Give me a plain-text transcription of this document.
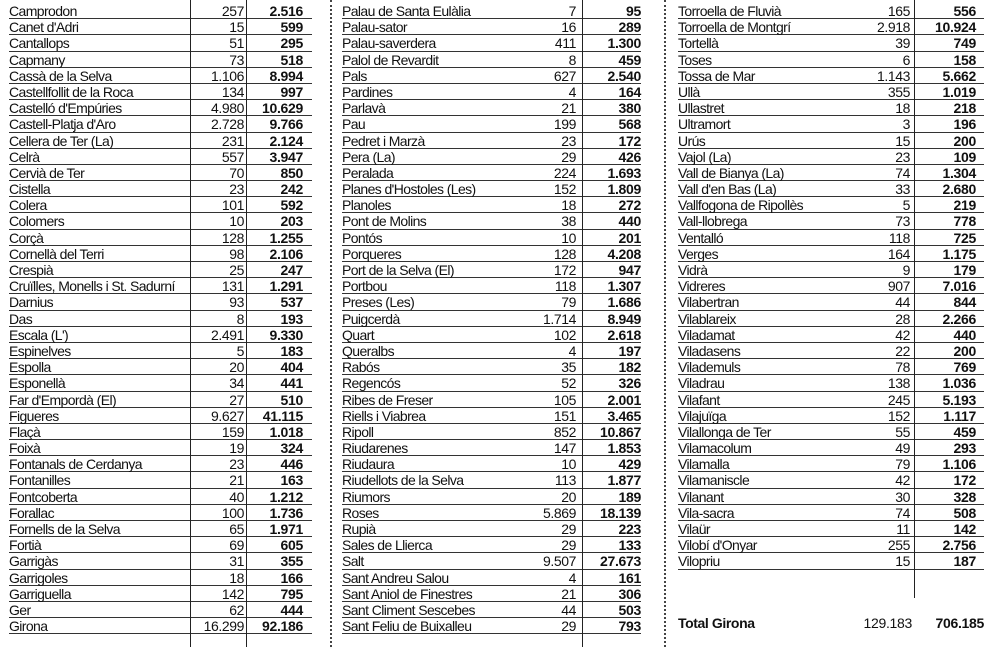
Camprodon	257	2.516
Canet d'Adri	15	599
Cantallops	51	295
Capmany	73	518
Cassà de la Selva	1.106	8.994
Castellfollit de la Roca	134	997
Castelló d'Empúries	4.980	10.629
Castell-Platja d'Aro	2.728	9.766
Cellera de Ter (La)	231	2.124
Celrà	557	3.947
Cervià de Ter	70	850
Cistella	23	242
Colera	101	592
Colomers	10	203
Corçà	128	1.255
Cornellà del Terri	98	2.106
Crespià	25	247
Cruïlles, Monells i St. Sadurní	131	1.291
Darnius	93	537
Das	8	193
Escala (L')	2.491	9.330
Espinelves	5	183
Espolla	20	404
Esponellà	34	441
Far d'Empordà (El)	27	510
Figueres	9.627	41.115
Flaçà	159	1.018
Foixà	19	324
Fontanals de Cerdanya	23	446
Fontanilles	21	163
Fontcoberta	40	1.212
Forallac	100	1.736
Fornells de la Selva	65	1.971
Fortià	69	605
Garrigàs	31	355
Garrigoles	18	166
Garriguella	142	795
Ger	62	444
Girona	16.299	92.186
Palau de Santa Eulàlia	7	95
Palau-sator	16	289
Palau-saverdera	411	1.300
Palol de Revardit	8	459
Pals	627	2.540
Pardines	4	164
Parlavà	21	380
Pau	199	568
Pedret i Marzà	23	172
Pera (La)	29	426
Peralada	224	1.693
Planes d'Hostoles (Les)	152	1.809
Planoles	18	272
Pont de Molins	38	440
Pontós	10	201
Porqueres	128	4.208
Port de la Selva (El)	172	947
Portbou	118	1.307
Preses (Les)	79	1.686
Puigcerdà	1.714	8.949
Quart	102	2.618
Queralbs	4	197
Rabós	35	182
Regencós	52	326
Ribes de Freser	105	2.001
Riells i Viabrea	151	3.465
Ripoll	852	10.867
Riudarenes	147	1.853
Riudaura	10	429
Riudellots de la Selva	113	1.877
Riumors	20	189
Roses	5.869	18.139
Rupià	29	223
Sales de Llierca	29	133
Salt	9.507	27.673
Sant Andreu Salou	4	161
Sant Aniol de Finestres	21	306
Sant Climent Sescebes	44	503
Sant Feliu de Buixalleu	29	793
Torroella de Fluvià	165	556
Torroella de Montgrí	2.918	10.924
Tortellà	39	749
Toses	6	158
Tossa de Mar	1.143	5.662
Ullà	355	1.019
Ullastret	18	218
Ultramort	3	196
Urús	15	200
Vajol (La)	23	109
Vall de Bianya (La)	74	1.304
Vall d'en Bas (La)	33	2.680
Vallfogona de Ripollès	5	219
Vall-llobrega	73	778
Ventalló	118	725
Verges	164	1.175
Vidrà	9	179
Vidreres	907	7.016
Vilabertran	44	844
Vilablareix	28	2.266
Viladamat	42	440
Viladasens	22	200
Vilademuls	78	769
Viladrau	138	1.036
Vilafant	245	5.193
Vilajuïga	152	1.117
Vilallonga de Ter	55	459
Vilamacolum	49	293
Vilamalla	79	1.106
Vilamaniscle	42	172
Vilanant	30	328
Vila-sacra	74	508
Vilaür	11	142
Vilobí d'Onyar	255	2.756
Vilopriu	15	187
Total Girona	129.183 706.185
